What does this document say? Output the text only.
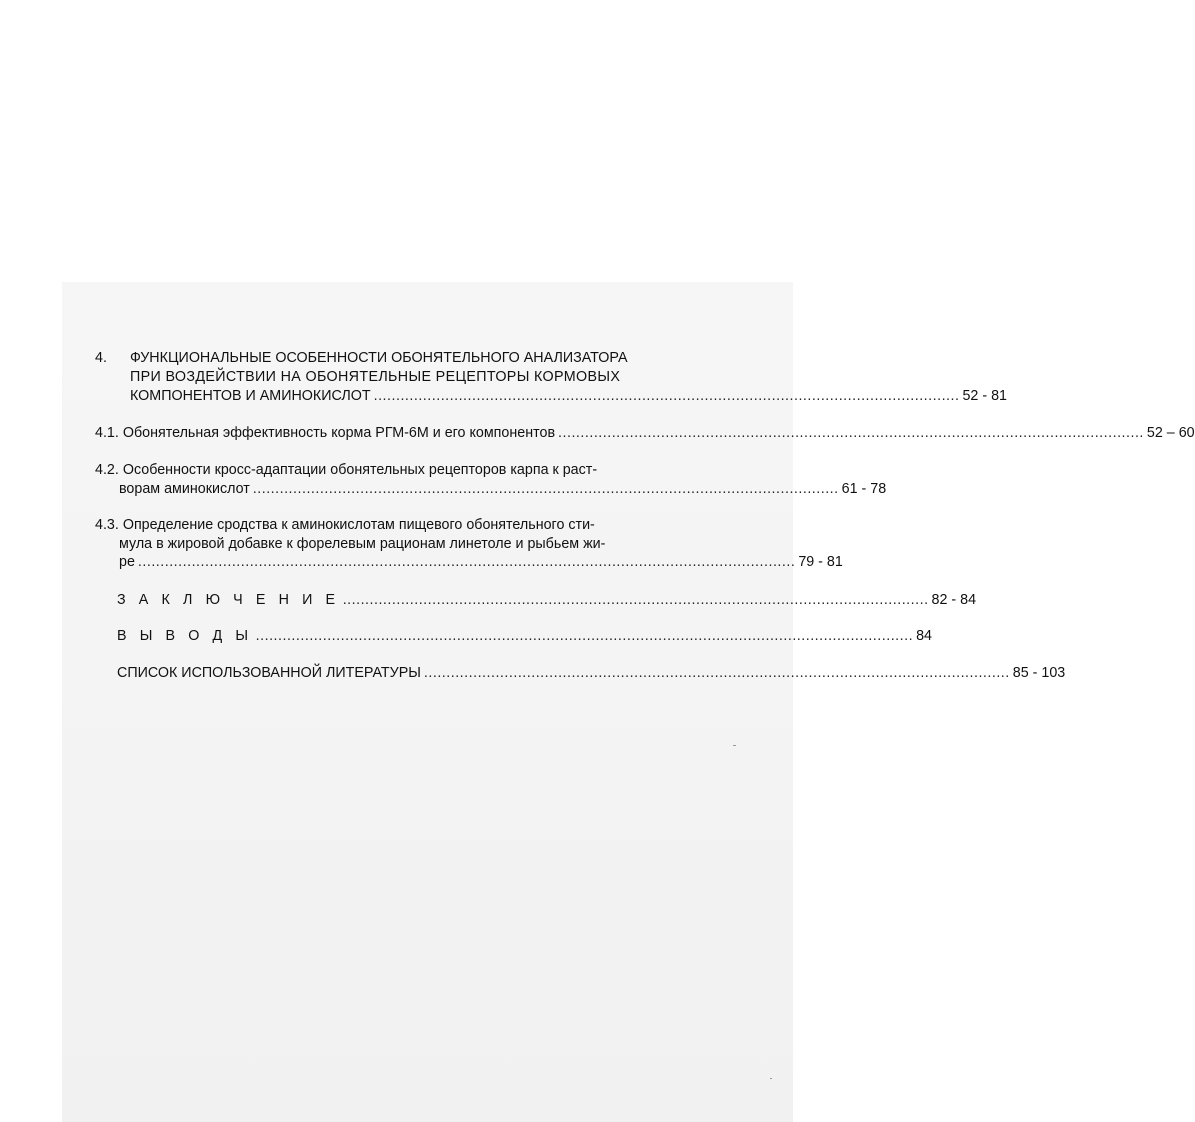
4. ФУНКЦИОНАЛЬНЫЕ ОСОБЕННОСТИ ОБОНЯТЕЛЬНОГО АНАЛИЗАТОРА
ПРИ ВОЗДЕЙСТВИИ НА ОБОНЯТЕЛЬНЫЕ РЕЦЕПТОРЫ КОРМОВЫХ
КОМПОНЕНТОВ И АМИНОКИСЛОТ ................................................................................................................................... 52 - 81
4.1. Обонятельная эффективность корма РГМ-6М и его компонентов ................................................................................................................................... 52 – 60
4.2. Особенности кросс-адаптации обонятельных рецепторов карпа к раст-
ворам аминокислот ................................................................................................................................... 61 - 78
4.3. Определение сродства к аминокислотам пищевого обонятельного сти-
мула в жировой добавке к форелевым рационам линетоле и рыбьем жи-
ре ................................................................................................................................................... 79 - 81
З А К Л Ю Ч Е Н И Е ................................................................................................................................... 82 - 84
В Ы В О Д Ы ................................................................................................................................................... 84
СПИСОК ИСПОЛЬЗОВАННОЙ ЛИТЕРАТУРЫ ................................................................................................................................... 85 - 103
